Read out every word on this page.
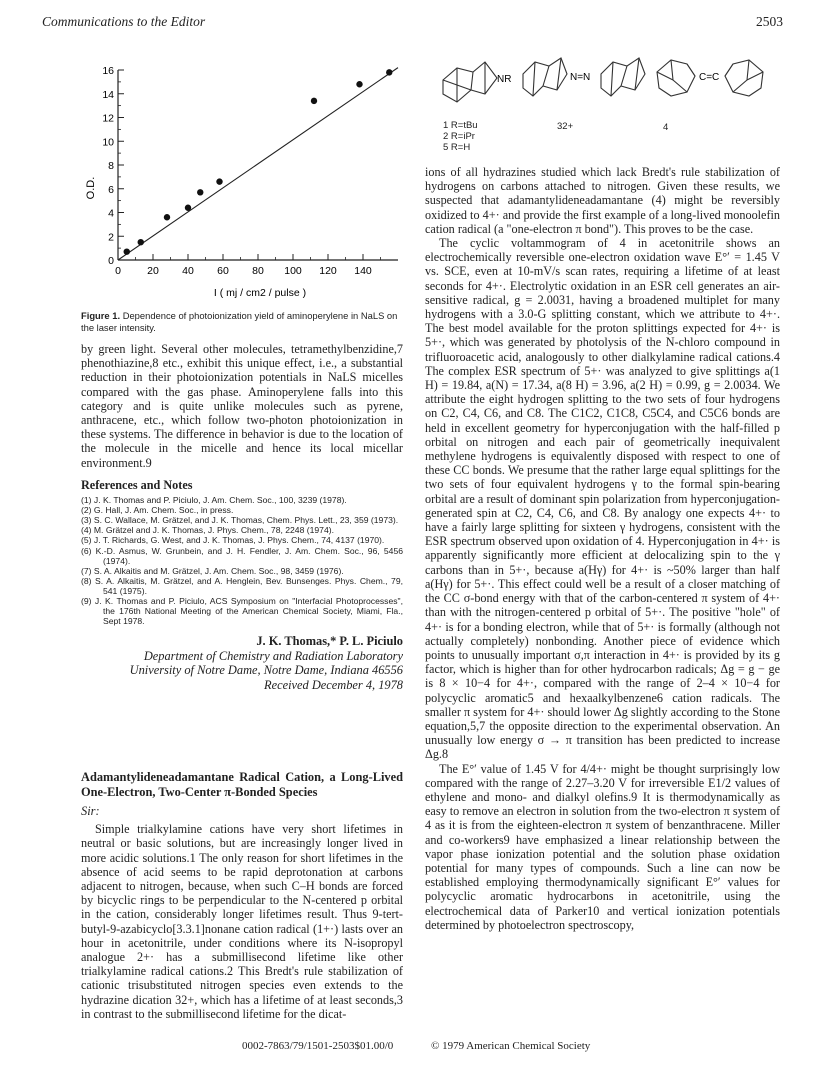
Communications to the Editor	2503
0
2
4
6
8
10
12
14
16
0 20 40 60 80 100 120 140
O.D.
I ( mj / cm2 / pulse )
Figure 1. Dependence of photoionization yield of aminoperylene in NaLS on the laser intensity.

by green light. Several other molecules, tetramethylbenzidine,7 phenothiazine,8 etc., exhibit this unique effect, i.e., a substantial reduction in their photoionization potentials in NaLS micelles compared with the gas phase. Aminoperylene falls into this category and is quite unlike molecules such as pyrene, anthracene, etc., which follow two-photon photoionization in these systems. The difference in behavior is due to the location of the molecule in the micelle and hence its local micellar environment.9

References and Notes
(1) J. K. Thomas and P. Piciulo, J. Am. Chem. Soc., 100, 3239 (1978).
(2) G. Hall, J. Am. Chem. Soc., in press.
(3) S. C. Wallace, M. Grätzel, and J. K. Thomas, Chem. Phys. Lett., 23, 359 (1973).
(4) M. Grätzel and J. K. Thomas, J. Phys. Chem., 78, 2248 (1974).
(5) J. T. Richards, G. West, and J. K. Thomas, J. Phys. Chem., 74, 4137 (1970).
(6) K.-D. Asmus, W. Grunbein, and J. H. Fendler, J. Am. Chem. Soc., 96, 5456 (1974).
(7) S. A. Alkaitis and M. Grätzel, J. Am. Chem. Soc., 98, 3459 (1976).
(8) S. A. Alkaitis, M. Grätzel, and A. Henglein, Bev. Bunsenges. Phys. Chem., 79, 541 (1975).
(9) J. K. Thomas and P. Piciulo, ACS Symposium on "Interfacial Photoprocesses", the 176th National Meeting of the American Chemical Society, Miami, Fla., Sept 1978.
J. K. Thomas,* P. L. Piciulo
Department of Chemistry and Radiation Laboratory
University of Notre Dame, Notre Dame, Indiana 46556
Received December 4, 1978
Adamantylideneadamantane Radical Cation, a Long-Lived One-Electron, Two-Center π-Bonded Species
Sir:

Simple trialkylamine cations have very short lifetimes in neutral or basic solutions, but are increasingly longer lived in more acidic solutions.1 The only reason for short lifetimes in the absence of acid seems to be rapid deprotonation at carbons adjacent to nitrogen, because, when such C–H bonds are forced by bicyclic rings to be perpendicular to the N-centered p orbital in the cation, considerably longer lifetimes result. Thus 9-tert-butyl-9-azabicyclo[3.3.1]nonane cation radical (1+·) lasts over an hour in acetonitrile, under conditions where its N-isopropyl analogue 2+· has a submillisecond lifetime like other trialkylamine radical cations.2 This Bredt's rule stabilization of cationic trisubstituted nitrogen species even extends to the hydrazine dication 32+, which has a lifetime of at least seconds,3 in contrast to the submillisecond lifetime for the dicat-

NR	N=N	C=C
1 R=tBu
2 R=iPr
5 R=H
32+	4

ions of all hydrazines studied which lack Bredt's rule stabilization of hydrogens on carbons attached to nitrogen. Given these results, we suspected that adamantylideneadamantane (4) might be reversibly oxidized to 4+· and provide the first example of a long-lived monoolefin cation radical (a "one-electron π bond"). This proves to be the case.

The cyclic voltammogram of 4 in acetonitrile shows an electrochemically reversible one-electron oxidation wave E°′ = 1.45 V vs. SCE, even at 10-mV/s scan rates, requiring a lifetime of at least seconds for 4+·. Electrolytic oxidation in an ESR cell generates an air-sensitive radical, g = 2.0031, having a broadened multiplet for many hydrogens with a 3.0-G splitting constant, which we attribute to 4+·. The best model available for the proton splittings expected for 4+· is 5+·, which was generated by photolysis of the N-chloro compound in trifluoroacetic acid, analogously to other dialkylamine radical cations.4 The complex ESR spectrum of 5+· was analyzed to give splittings a(1 H) = 19.84, a(N) = 17.34, a(8 H) = 3.96, a(2 H) = 0.99, g = 2.0034. We attribute the eight hydrogen splitting to the two sets of four hydrogens on C2, C4, C6, and C8. The C1C2, C1C8, C5C4, and C5C6 bonds are held in excellent geometry for hyperconjugation with the half-filled p orbital on nitrogen and each pair of geometrically inequivalent methylene hydrogens is equivalently disposed with respect to one of these CC bonds. We presume that the rather large equal splittings for the two sets of four equivalent hydrogens γ to the formal spin-bearing orbital are a result of dominant spin polarization from hyperconjugation-generated spin at C2, C4, C6, and C8. By analogy one expects 4+· to have a fairly large splitting for sixteen γ hydrogens, consistent with the ESR spectrum observed upon oxidation of 4. Hyperconjugation in 4+· is apparently significantly more efficient at delocalizing spin to the γ carbons than in 5+·, because a(Hγ) for 4+· is ~50% larger than half a(Hγ) for 5+·. This effect could well be a result of a closer matching of the CC σ-bond energy with that of the carbon-centered π system of 4+· than with the nitrogen-centered p orbital of 5+·. The positive "hole" of 4+· is for a bonding electron, while that of 5+· is formally (although not actually completely) nonbonding. Another piece of evidence which points to unusually important σ,π interaction in 4+· is provided by its g factor, which is higher than for other hydrocarbon radicals; Δg = g − ge is 8 × 10−4 for 4+·, compared with the range of 2–4 × 10−4 for polycyclic aromatic5 and hexaalkylbenzene6 cation radicals. The smaller π system for 4+· should lower Δg slightly according to the Stone equation,5,7 the opposite direction to the experimental observation. An unusually low energy σ → π transition has been predicted to increase Δg.8

The E°′ value of 1.45 V for 4/4+· might be thought surprisingly low compared with the range of 2.27–3.20 V for irreversible E1/2 values of ethylene and mono- and dialkyl olefins.9 It is thermodynamically as easy to remove an electron in solution from the two-electron π system of 4 as it is from the eighteen-electron π system of benzanthracene. Miller and co-workers9 have emphasized a linear relationship between the vapor phase ionization potential and the solution phase oxidation potential for many types of compounds. Such a line can now be established employing thermodynamically significant E°′ values for polycyclic aromatic hydrocarbons in acetonitrile, using the electrochemical data of Parker10 and vertical ionization potentials determined by photoelectron spectroscopy,

0002-7863/79/1501-2503$01.00/0	© 1979 American Chemical Society
